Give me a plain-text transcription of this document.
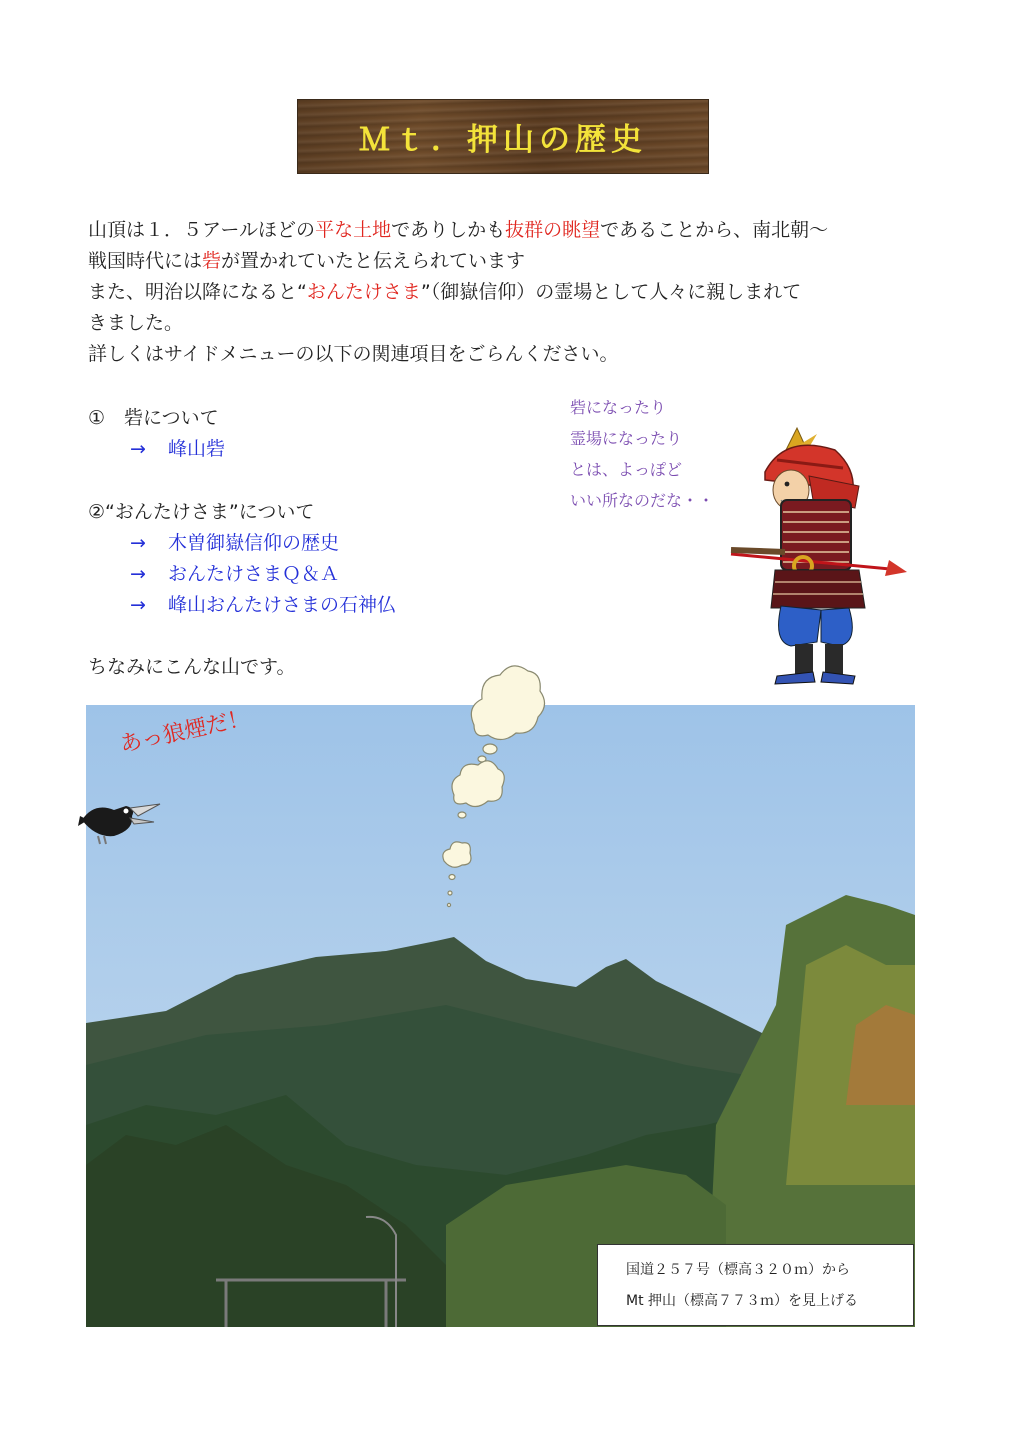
Ｍｔ．押山の歴史
山頂は１．５アールほどの平な土地でありしかも抜群の眺望であることから、南北朝～
戦国時代には砦が置かれていたと伝えられています
また、明治以降になると“おんたけさま”（御嶽信仰）の霊場として人々に親しまれて
きました。
詳しくはサイドメニューの以下の関連項目をごらんください。
①　砦について
→ 峰山砦
②“おんたけさま”について
→ 木曽御嶽信仰の歴史
→ おんたけさまＱ＆Ａ
→ 峰山おんたけさまの石神仏
砦になったり
霊場になったり
とは、よっぽど
いい所なのだな・・
ちなみにこんな山です。
あっ狼煙だ！
国道２５７号（標高３２０ｍ）から
Mt 押山（標高７７３ｍ）を見上げる
